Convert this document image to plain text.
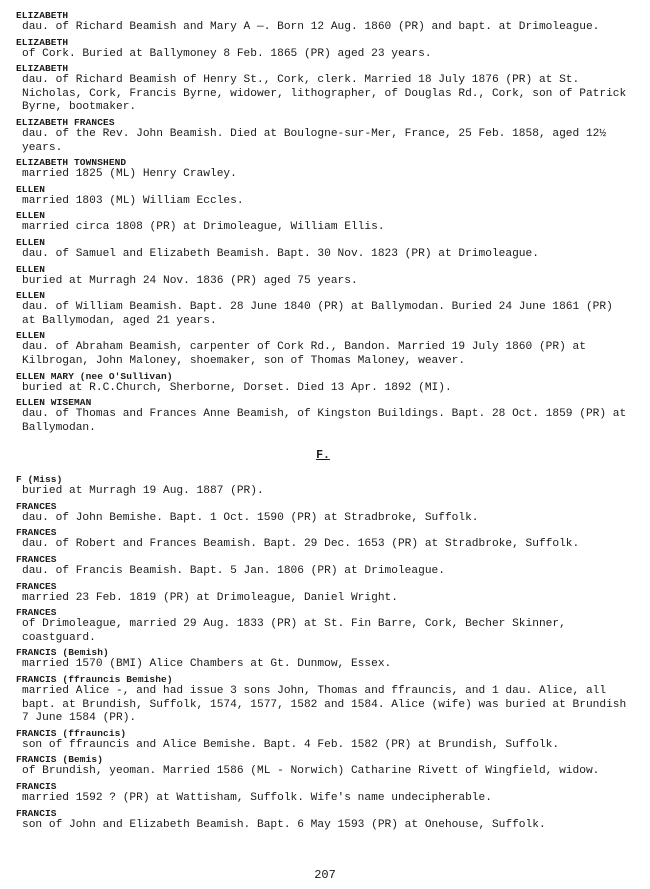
ELIZABETH
dau. of Richard Beamish and Mary A —. Born 12 Aug. 1860 (PR) and bapt. at Drimoleague.
ELIZABETH
of Cork. Buried at Ballymoney 8 Feb. 1865 (PR) aged 23 years.
ELIZABETH
dau. of Richard Beamish of Henry St., Cork, clerk. Married 18 July 1876 (PR) at St. Nicholas, Cork, Francis Byrne, widower, lithographer, of Douglas Rd., Cork, son of Patrick Byrne, bootmaker.
ELIZABETH FRANCES
dau. of the Rev. John Beamish. Died at Boulogne-sur-Mer, France, 25 Feb. 1858, aged 12½ years.
ELIZABETH TOWNSHEND
married 1825 (ML) Henry Crawley.
ELLEN
married 1803 (ML) William Eccles.
ELLEN
married circa 1808 (PR) at Drimoleague, William Ellis.
ELLEN
dau. of Samuel and Elizabeth Beamish. Bapt. 30 Nov. 1823 (PR) at Drimoleague.
ELLEN
buried at Murragh 24 Nov. 1836 (PR) aged 75 years.
ELLEN
dau. of William Beamish. Bapt. 28 June 1840 (PR) at Ballymodan. Buried 24 June 1861 (PR) at Ballymodan, aged 21 years.
ELLEN
dau. of Abraham Beamish, carpenter of Cork Rd., Bandon. Married 19 July 1860 (PR) at Kilbrogan, John Maloney, shoemaker, son of Thomas Maloney, weaver.
ELLEN MARY (nee O'Sullivan)
buried at R.C.Church, Sherborne, Dorset. Died 13 Apr. 1892 (MI).
ELLEN WISEMAN
dau. of Thomas and Frances Anne Beamish, of Kingston Buildings. Bapt. 28 Oct. 1859 (PR) at Ballymodan.
F.
F (Miss)
buried at Murragh 19 Aug. 1887 (PR).
FRANCES
dau. of John Bemishe. Bapt. 1 Oct. 1590 (PR) at Stradbroke, Suffolk.
FRANCES
dau. of Robert and Frances Beamish. Bapt. 29 Dec. 1653 (PR) at Stradbroke, Suffolk.
FRANCES
dau. of Francis Beamish. Bapt. 5 Jan. 1806 (PR) at Drimoleague.
FRANCES
married 23 Feb. 1819 (PR) at Drimoleague, Daniel Wright.
FRANCES
of Drimoleague, married 29 Aug. 1833 (PR) at St. Fin Barre, Cork, Becher Skinner, coastguard.
FRANCIS (Bemish)
married 1570 (BMI) Alice Chambers at Gt. Dunmow, Essex.
FRANCIS (ffrauncis Bemishe)
married Alice -, and had issue 3 sons John, Thomas and ffrauncis, and 1 dau. Alice, all bapt. at Brundish, Suffolk, 1574, 1577, 1582 and 1584. Alice (wife) was buried at Brundish 7 June 1584 (PR).
FRANCIS (ffrauncis)
son of ffrauncis and Alice Bemishe. Bapt. 4 Feb. 1582 (PR) at Brundish, Suffolk.
FRANCIS (Bemis)
of Brundish, yeoman. Married 1586 (ML - Norwich) Catharine Rivett of Wingfield, widow.
FRANCIS
married 1592 ? (PR) at Wattisham, Suffolk. Wife's name undecipherable.
FRANCIS
son of John and Elizabeth Beamish. Bapt. 6 May 1593 (PR) at Onehouse, Suffolk.
207
